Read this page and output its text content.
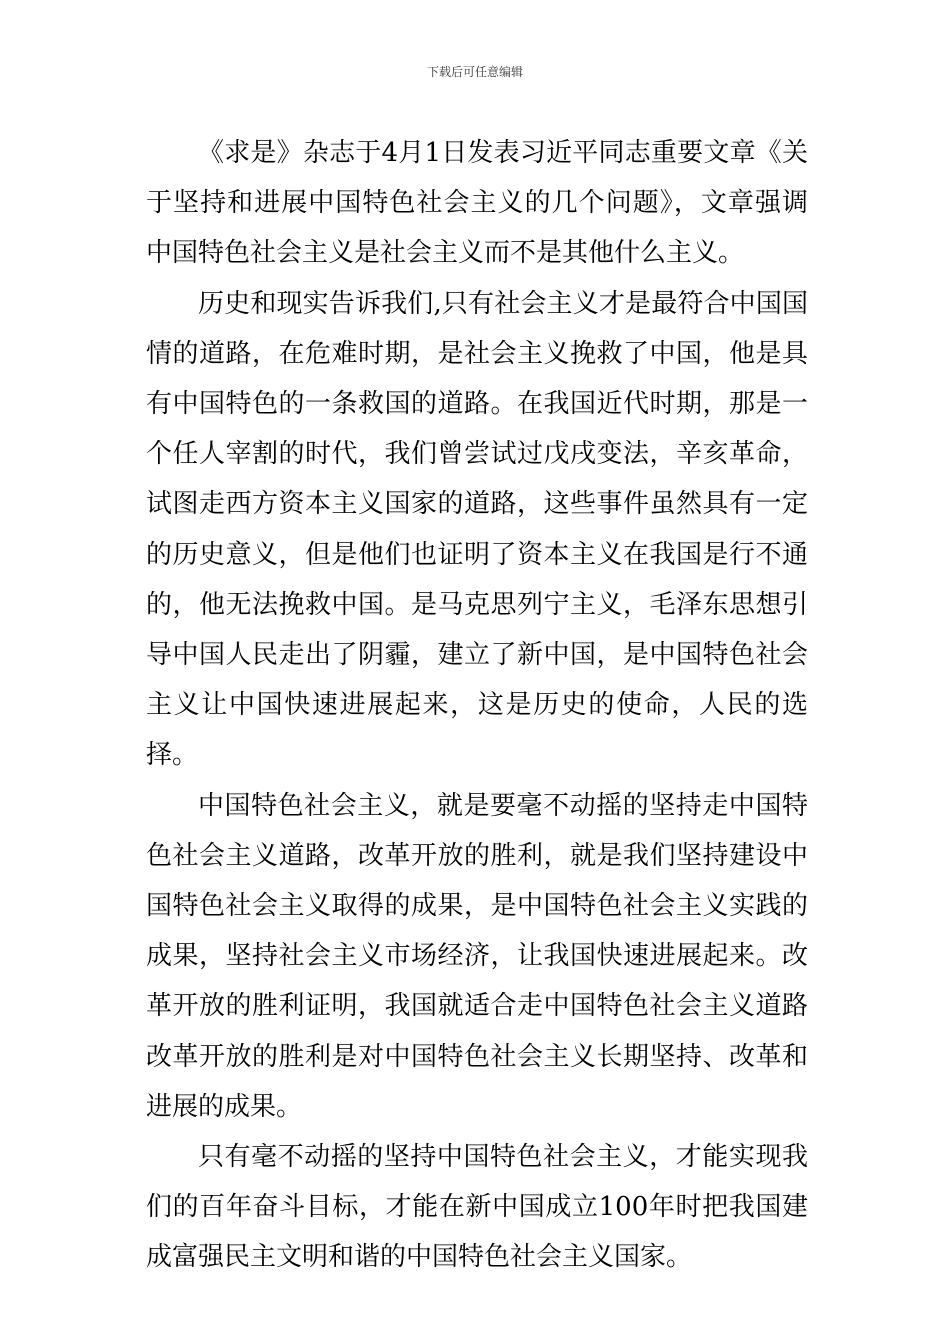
下载后可任意编辑

《求是》杂志于4月1日发表习近平同志重要文章《关于坚持和进展中国特色社会主义的几个问题》，文章强调中国特色社会主义是社会主义而不是其他什么主义。

历史和现实告诉我们,只有社会主义才是最符合中国国情的道路，在危难时期，是社会主义挽救了中国，他是具有中国特色的一条救国的道路。在我国近代时期，那是一个任人宰割的时代，我们曾尝试过戊戌变法，辛亥革命，试图走西方资本主义国家的道路，这些事件虽然具有一定的历史意义，但是他们也证明了资本主义在我国是行不通的，他无法挽救中国。是马克思列宁主义，毛泽东思想引导中国人民走出了阴霾，建立了新中国，是中国特色社会主义让中国快速进展起来，这是历史的使命，人民的选择。

中国特色社会主义，就是要毫不动摇的坚持走中国特色社会主义道路，改革开放的胜利，就是我们坚持建设中国特色社会主义取得的成果，是中国特色社会主义实践的成果，坚持社会主义市场经济，让我国快速进展起来。改革开放的胜利证明，我国就适合走中国特色社会主义道路改革开放的胜利是对中国特色社会主义长期坚持、改革和进展的成果。

只有毫不动摇的坚持中国特色社会主义，才能实现我们的百年奋斗目标，才能在新中国成立100年时把我国建成富强民主文明和谐的中国特色社会主义国家。
